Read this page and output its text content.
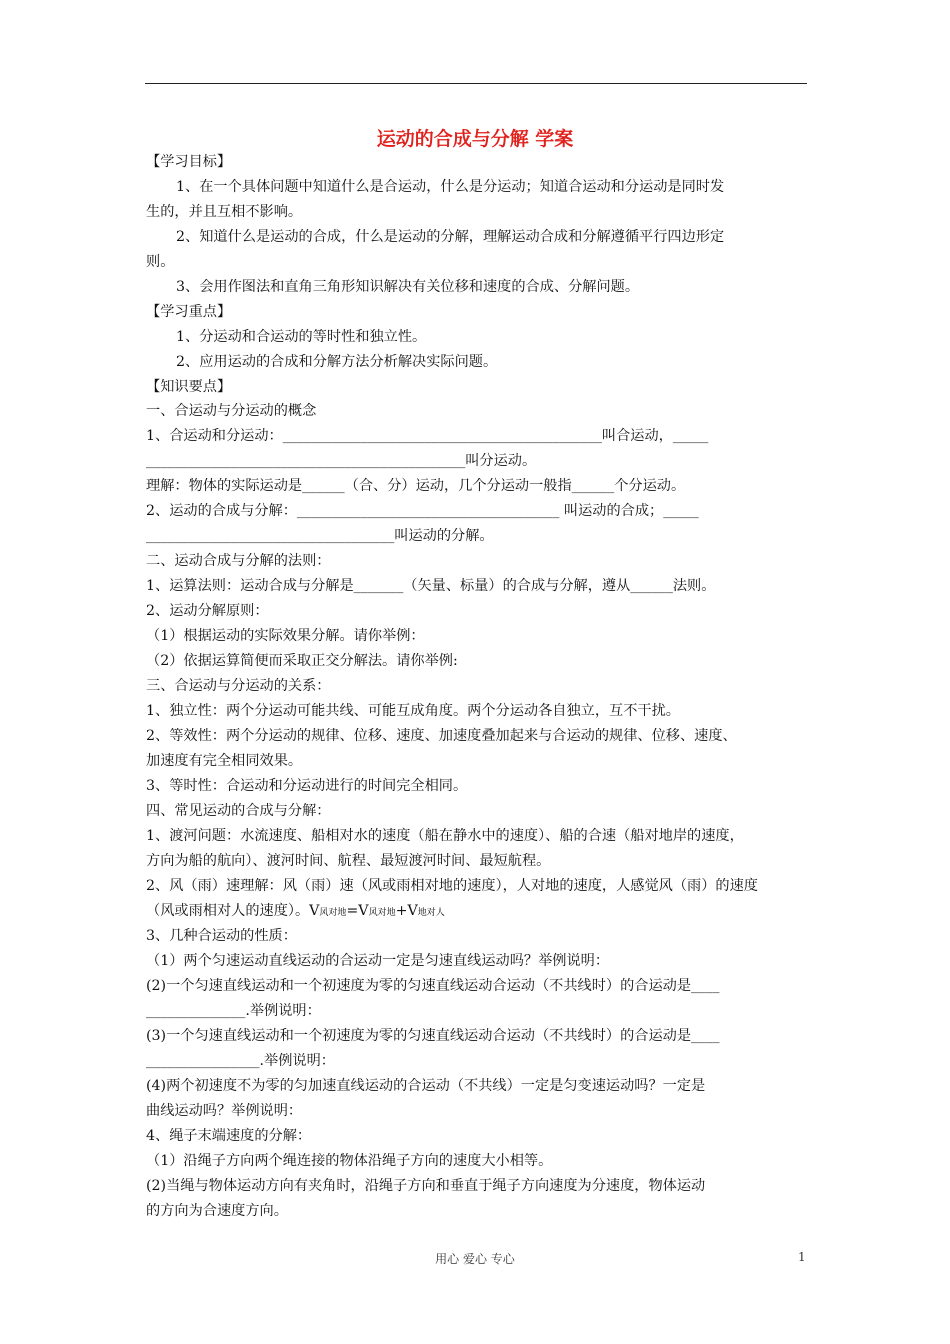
运动的合成与分解 学案
【学习目标】
1、在一个具体问题中知道什么是合运动，什么是分运动；知道合运动和分运动是同时发
生的，并且互相不影响。
2、知道什么是运动的合成，什么是运动的分解，理解运动合成和分解遵循平行四边形定
则。
3、会用作图法和直角三角形知识解决有关位移和速度的合成、分解问题。
【学习重点】
1、分运动和合运动的等时性和独立性。
2、应用运动的合成和分解方法分析解决实际问题。
【知识要点】
一、合运动与分运动的概念
1、合运动和分运动：_____________________________________________叫合运动，_____
_____________________________________________叫分运动。
理解：物体的实际运动是______（合、分）运动，几个分运动一般指______个分运动。
2、运动的合成与分解：_____________________________________ 叫运动的合成；_____
___________________________________叫运动的分解。
二、运动合成与分解的法则：
1、运算法则：运动合成与分解是_______（矢量、标量）的合成与分解，遵从______法则。
2、运动分解原则：
（1）根据运动的实际效果分解。请你举例：
（2）依据运算简便而采取正交分解法。请你举例:
三、合运动与分运动的关系：
1、独立性：两个分运动可能共线、可能互成角度。两个分运动各自独立，互不干扰。
2、等效性：两个分运动的规律、位移、速度、加速度叠加起来与合运动的规律、位移、速度、
加速度有完全相同效果。
3、等时性：合运动和分运动进行的时间完全相同。
四、常见运动的合成与分解：
1、渡河问题：水流速度、船相对水的速度（船在静水中的速度）、船的合速（船对地岸的速度，
方向为船的航向）、渡河时间、航程、最短渡河时间、最短航程。
2、风（雨）速理解：风（雨）速（风或雨相对地的速度），人对地的速度，人感觉风（雨）的速度
（风或雨相对人的速度）。V风对地=V风对地+V地对人
3、几种合运动的性质：
（1）两个匀速运动直线运动的合运动一定是匀速直线运动吗？举例说明：
(2)一个匀速直线运动和一个初速度为零的匀速直线运动合运动（不共线时）的合运动是____
______________.举例说明：
(3)一个匀速直线运动和一个初速度为零的匀速直线运动合运动（不共线时）的合运动是____
________________.举例说明：
(4)两个初速度不为零的匀加速直线运动的合运动（不共线）一定是匀变速运动吗？一定是
曲线运动吗？举例说明：
4、绳子末端速度的分解：
（1）沿绳子方向两个绳连接的物体沿绳子方向的速度大小相等。
(2)当绳与物体运动方向有夹角时，沿绳子方向和垂直于绳子方向速度为分速度，物体运动
的方向为合速度方向。
用心 爱心 专心	1
